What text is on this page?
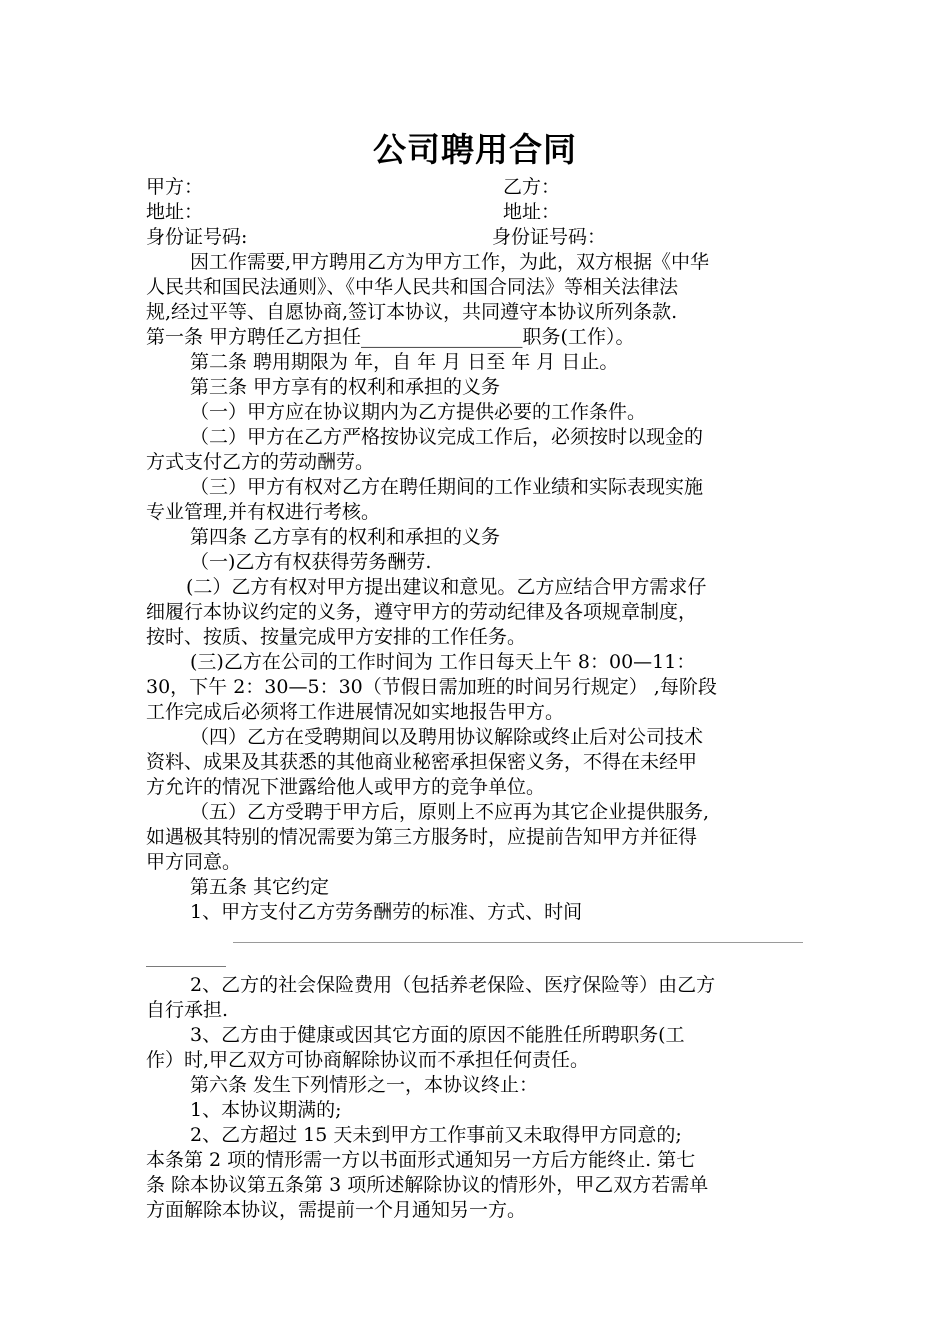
公司聘用合同
甲方：	乙方：
地址：	地址：
身份证号码:	身份证号码：
因工作需要,甲方聘用乙方为甲方工作，为此，双方根据《中华
人民共和国民法通则》、《中华人民共和国合同法》等相关法律法
规,经过平等、自愿协商,签订本协议，共同遵守本协议所列条款.
第一条 甲方聘任乙方担任_________________职务(工作）。
第二条 聘用期限为 年，自 年 月 日至 年 月 日止。
第三条 甲方享有的权利和承担的义务
（一）甲方应在协议期内为乙方提供必要的工作条件。
（二）甲方在乙方严格按协议完成工作后，必须按时以现金的
方式支付乙方的劳动酬劳。
（三）甲方有权对乙方在聘任期间的工作业绩和实际表现实施
专业管理,并有权进行考核。
第四条 乙方享有的权利和承担的义务
（一)乙方有权获得劳务酬劳.
(二）乙方有权对甲方提出建议和意见。乙方应结合甲方需求仔
细履行本协议约定的义务，遵守甲方的劳动纪律及各项规章制度，
按时、按质、按量完成甲方安排的工作任务。
(三)乙方在公司的工作时间为 工作日每天上午 8：00—11：
30，下午 2：30—5：30（节假日需加班的时间另行规定） ,每阶段
工作完成后必须将工作进展情况如实地报告甲方。
（四）乙方在受聘期间以及聘用协议解除或终止后对公司技术
资料、成果及其获悉的其他商业秘密承担保密义务，不得在未经甲
方允许的情况下泄露给他人或甲方的竞争单位。
（五）乙方受聘于甲方后，原则上不应再为其它企业提供服务,
如遇极其特别的情况需要为第三方服务时，应提前告知甲方并征得
甲方同意。
第五条 其它约定
1、甲方支付乙方劳务酬劳的标准、方式、时间
__________
2、乙方的社会保险费用（包括养老保险、医疗保险等）由乙方
自行承担.
3、乙方由于健康或因其它方面的原因不能胜任所聘职务(工
作）时,甲乙双方可协商解除协议而不承担任何责任。
第六条 发生下列情形之一，本协议终止：
1、本协议期满的;
2、乙方超过 15 天未到甲方工作事前又未取得甲方同意的;
本条第 2 项的情形需一方以书面形式通知另一方后方能终止. 第七
条 除本协议第五条第 3 项所述解除协议的情形外，甲乙双方若需单
方面解除本协议，需提前一个月通知另一方。
